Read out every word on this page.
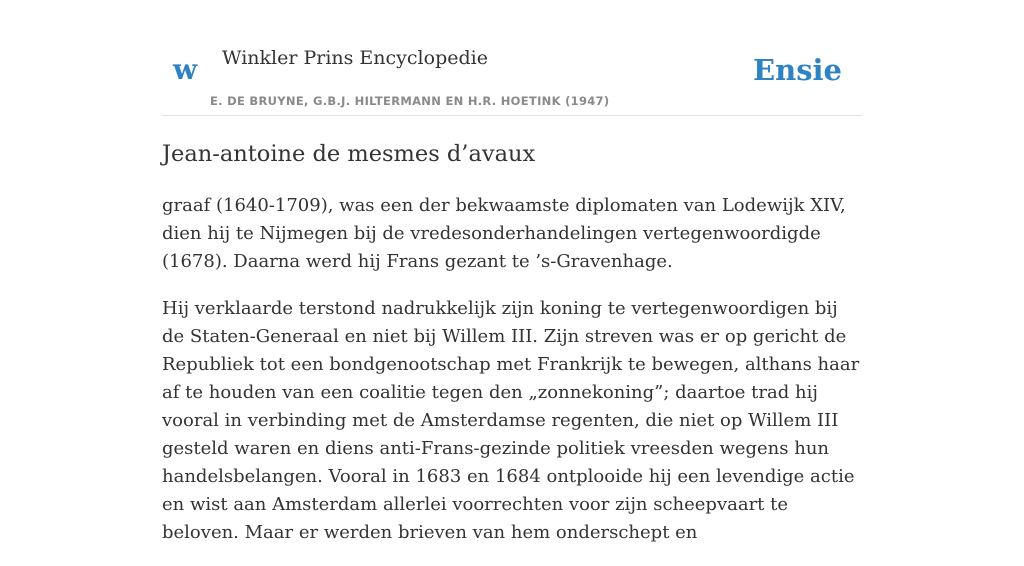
w Winkler Prins Encyclopedie
E. DE BRUYNE, G.B.J. HILTERMANN EN H.R. HOETINK (1947)
Ensie
Jean-antoine de mesmes d’avaux

graaf (1640-1709), was een der bekwaamste diplomaten van Lodewijk XIV, dien hij te Nijmegen bij de vredesonderhandelingen vertegenwoordigde (1678). Daarna werd hij Frans gezant te ’s-Gravenhage.

Hij verklaarde terstond nadrukkelijk zijn koning te vertegenwoordigen bij de Staten-Generaal en niet bij Willem III. Zijn streven was er op gericht de Republiek tot een bondgenootschap met Frankrijk te bewegen, althans haar af te houden van een coalitie tegen den „zonnekoning”; daartoe trad hij vooral in verbinding met de Amsterdamse regenten, die niet op Willem III gesteld waren en diens anti-Frans-gezinde politiek vreesden wegens hun handelsbelangen. Vooral in 1683 en 1684 ontplooide hij een levendige actie en wist aan Amsterdam allerlei voorrechten voor zijn scheepvaart te beloven. Maar er werden brieven van hem onderschept en
